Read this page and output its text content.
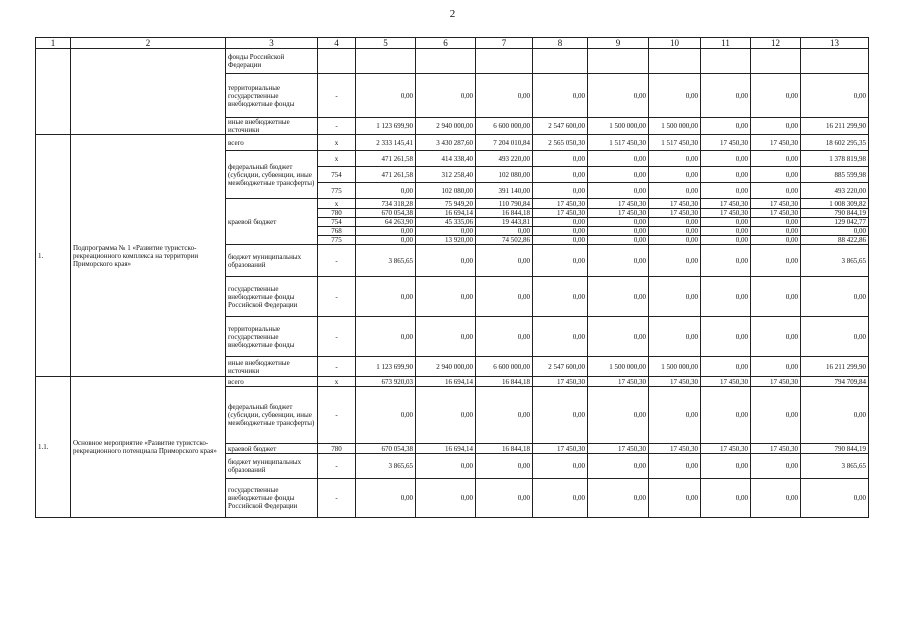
2
1	2	3	4	5	6	7	8	9	10	11	12	13
		фонды Российской Федерации										
		территориальные государственные внебюджетные фонды	-	0,00	0,00	0,00	0,00	0,00	0,00	0,00	0,00	0,00
		иные внебюджетные источники	-	1 123 699,90	2 940 000,00	6 600 000,00	2 547 600,00	1 500 000,00	1 500 000,00	0,00	0,00	16 211 299,90
1.	Подпрограмма № 1 «Развитие туристско-рекреационного комплекса на территории Приморского края»	всего	x	2 333 145,41	3 430 287,60	7 204 010,84	2 565 050,30	1 517 450,30	1 517 450,30	17 450,30	17 450,30	18 602 295,35
		федеральный бюджет (субсидии, субвенции, иные межбюджетные трансферты)	x	471 261,58	414 338,40	493 220,00	0,00	0,00	0,00	0,00	0,00	1 378 819,98
			754	471 261,58	312 258,40	102 080,00	0,00	0,00	0,00	0,00	0,00	885 599,98
			775	0,00	102 080,00	391 140,00	0,00	0,00	0,00	0,00	0,00	493 220,00
		краевой бюджет	x	734 318,28	75 949,20	110 790,84	17 450,30	17 450,30	17 450,30	17 450,30	17 450,30	1 008 309,82
			780	670 054,38	16 694,14	16 844,18	17 450,30	17 450,30	17 450,30	17 450,30	17 450,30	790 844,19
			754	64 263,90	45 335,06	19 443,81	0,00	0,00	0,00	0,00	0,00	129 042,77
			768	0,00	0,00	0,00	0,00	0,00	0,00	0,00	0,00	0,00
			775	0,00	13 920,00	74 502,86	0,00	0,00	0,00	0,00	0,00	88 422,86
		бюджет муниципальных образований	-	3 865,65	0,00	0,00	0,00	0,00	0,00	0,00	0,00	3 865,65
		государственные внебюджетные фонды Российской Федерации	-	0,00	0,00	0,00	0,00	0,00	0,00	0,00	0,00	0,00
		территориальные государственные внебюджетные фонды	-	0,00	0,00	0,00	0,00	0,00	0,00	0,00	0,00	0,00
		иные внебюджетные источники	-	1 123 699,90	2 940 000,00	6 600 000,00	2 547 600,00	1 500 000,00	1 500 000,00	0,00	0,00	16 211 299,90
1.1.	Основное мероприятие «Развитие туристско-рекреационного потенциала Приморского края»	всего	x	673 920,03	16 694,14	16 844,18	17 450,30	17 450,30	17 450,30	17 450,30	17 450,30	794 709,84
		федеральный бюджет (субсидии, субвенции, иные межбюджетные трансферты)	-	0,00	0,00	0,00	0,00	0,00	0,00	0,00	0,00	0,00
		краевой бюджет	780	670 054,38	16 694,14	16 844,18	17 450,30	17 450,30	17 450,30	17 450,30	17 450,30	790 844,19
		бюджет муниципальных образований	-	3 865,65	0,00	0,00	0,00	0,00	0,00	0,00	0,00	3 865,65
		государственные внебюджетные фонды Российской Федерации	-	0,00	0,00	0,00	0,00	0,00	0,00	0,00	0,00	0,00
